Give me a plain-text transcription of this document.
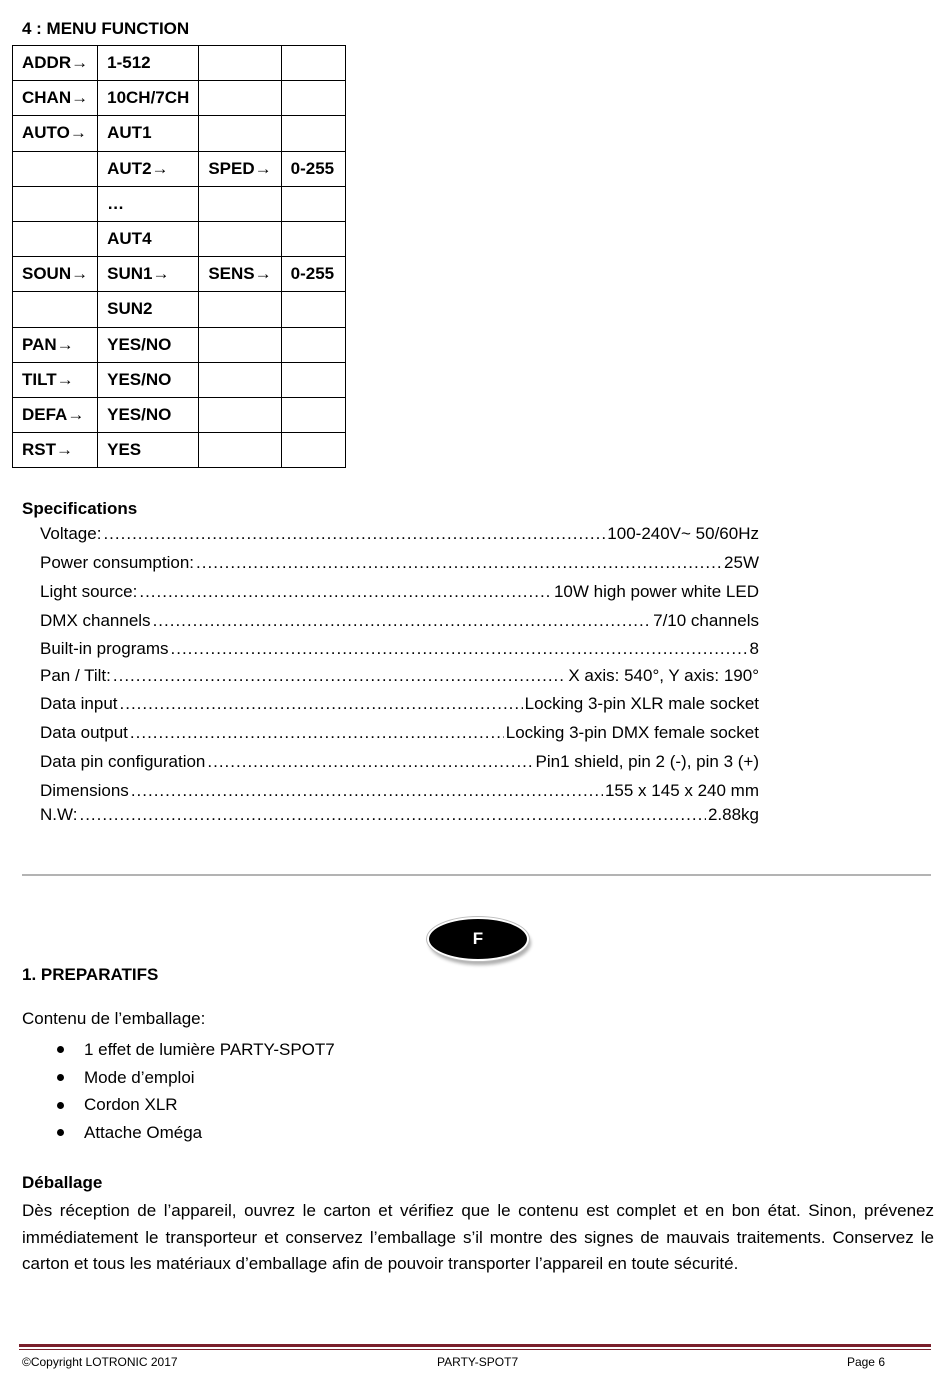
4 : MENU FUNCTION
ADDR→	1-512		
CHAN→	10CH/7CH		
AUTO→	AUT1		
	AUT2→	SPED→	0-255
	…		
	AUT4		
SOUN→	SUN1→	SENS→	0-255
	SUN2		
PAN→	YES/NO		
TILT→	YES/NO		
DEFA→	YES/NO		
RST→	YES		
Specifications
Voltage: .....	100-240V~ 50/60Hz
Power consumption: .....	25W
Light source: .....	10W high power white LED
DMX channels .....	7/10 channels
Built-in programs .....	8
Pan / Tilt: .....	X axis: 540°, Y axis: 190°
Data input .....	Locking 3-pin XLR male socket
Data output .....	Locking 3-pin DMX female socket
Data pin configuration .....	Pin1 shield, pin 2 (-), pin 3 (+)
Dimensions .....	155 x 145 x 240 mm
N.W: .....	2.88kg
F
1. PREPARATIFS
Contenu de l’emballage:
1 effet de lumière PARTY-SPOT7
Mode d’emploi
Cordon XLR
Attache Oméga
Déballage

Dès réception de l’appareil, ouvrez le carton et vérifiez que le contenu est complet et en bon état. Sinon, prévenez immédiatement le transporteur et conservez l’emballage s’il montre des signes de mauvais traitements. Conservez le carton et tous les matériaux d’emballage afin de pouvoir transporter l’appareil en toute sécurité.

©Copyright LOTRONIC 2017	PARTY-SPOT7	Page 6
